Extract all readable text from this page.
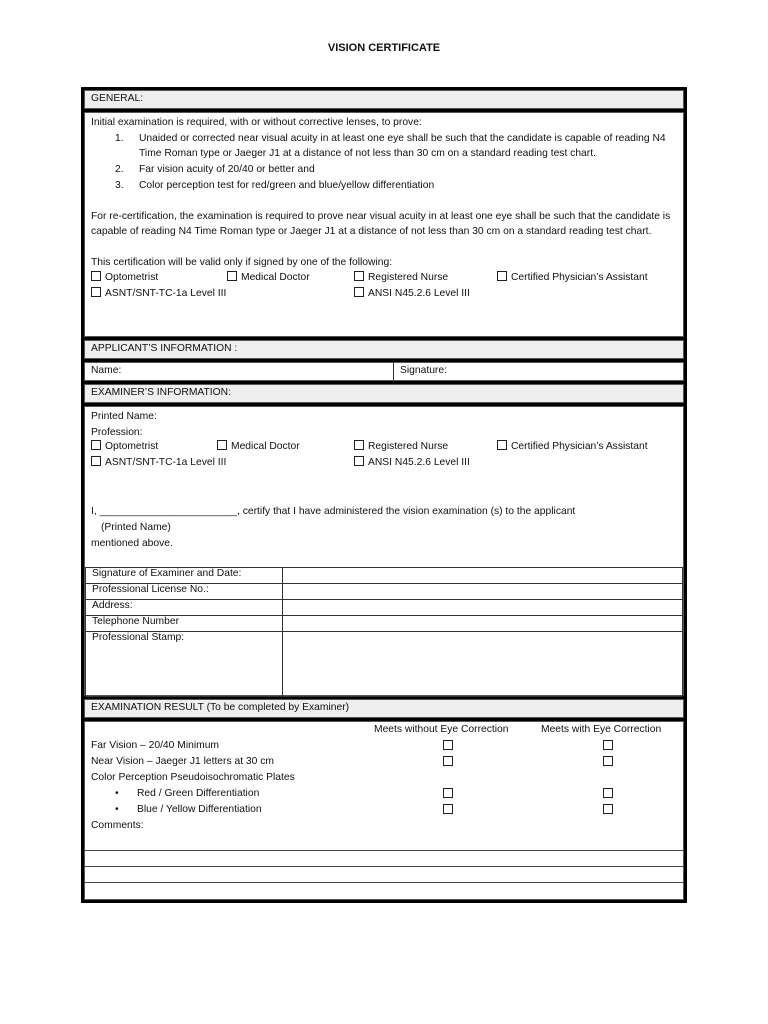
VISION CERTIFICATE
GENERAL:
Initial examination is required, with or without corrective lenses, to prove:
1. Unaided or corrected near visual acuity in at least one eye shall be such that the candidate is capable of reading N4 Time Roman type or Jaeger J1 at a distance of not less than 30 cm on a standard reading test chart.
2. Far vision acuity of 20/40 or better and
3. Color perception test for red/green and blue/yellow differentiation
For re-certification, the examination is required to prove near visual acuity in at least one eye shall be such that the candidate is capable of reading N4 Time Roman type or Jaeger J1 at a distance of not less than 30 cm on a standard reading test chart.
This certification will be valid only if signed by one of the following:
Optometrist	Medical Doctor	Registered Nurse	Certified Physician’s Assistant
ASNT/SNT-TC-1a Level III	ANSI N45.2.6 Level III
APPLICANT’S INFORMATION :
Name:	Signature:
EXAMINER’S INFORMATION:
Printed Name:
Profession:
Optometrist	Medical Doctor	Registered Nurse	Certified Physician’s Assistant
ASNT/SNT-TC-1a Level III	ANSI N45.2.6 Level III
I, ________________________, certify that I have administered the vision examination (s) to the applicant
(Printed Name)
mentioned above.
Signature of Examiner and Date:	
Professional License No.:	
Address:	
Telephone Number	
Professional Stamp:	
EXAMINATION RESULT (To be completed by Examiner)
Meets without Eye Correction	Meets with Eye Correction
Far Vision – 20/40 Minimum
Near Vision – Jaeger J1 letters at 30 cm
Color Perception Pseudoisochromatic Plates
• Red / Green Differentiation
• Blue / Yellow Differentiation
Comments:
